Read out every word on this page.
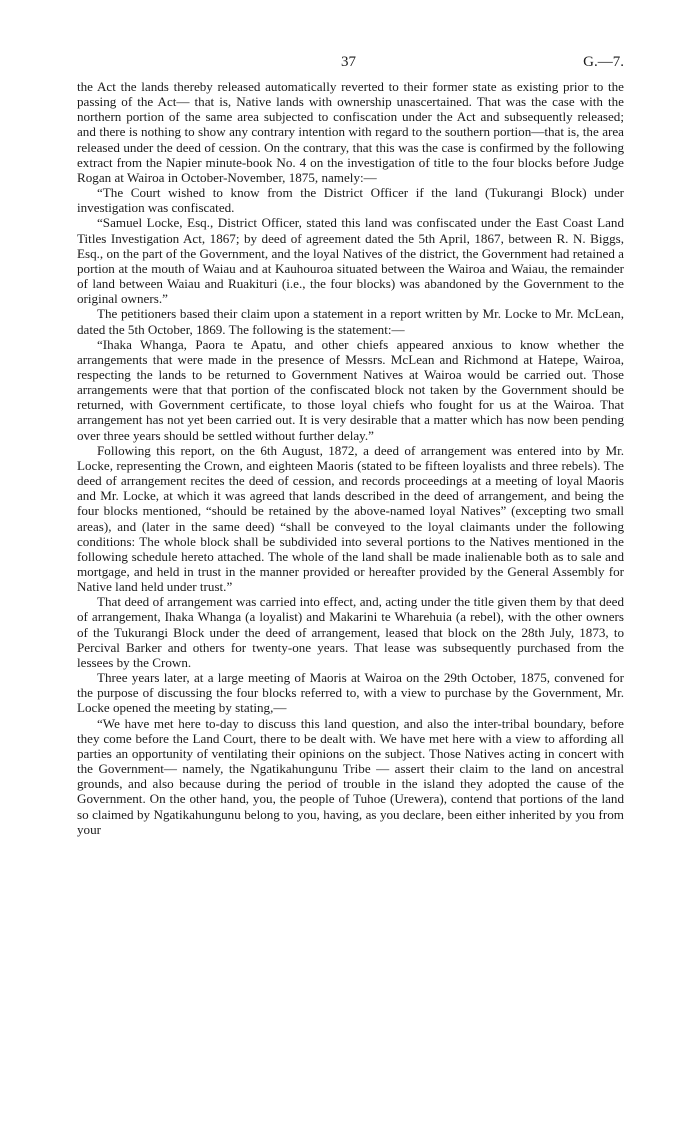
37	G.—7.

the Act the lands thereby released automatically reverted to their former state as existing prior to the passing of the Act— that is, Native lands with ownership unascertained. That was the case with the northern portion of the same area subjected to confiscation under the Act and subsequently released; and there is nothing to show any contrary intention with regard to the southern portion—that is, the area released under the deed of cession. On the contrary, that this was the case is confirmed by the following extract from the Napier minute-book No. 4 on the investigation of title to the four blocks before Judge Rogan at Wairoa in October-November, 1875, namely:—

“The Court wished to know from the District Officer if the land (Tukurangi Block) under investigation was confiscated.

“Samuel Locke, Esq., District Officer, stated this land was confiscated under the East Coast Land Titles Investigation Act, 1867; by deed of agreement dated the 5th April, 1867, between R. N. Biggs, Esq., on the part of the Government, and the loyal Natives of the district, the Government had retained a portion at the mouth of Waiau and at Kauhouroa situated between the Wairoa and Waiau, the remainder of land between Waiau and Ruakituri (i.e., the four blocks) was abandoned by the Government to the original owners.”

The petitioners based their claim upon a statement in a report written by Mr. Locke to Mr. McLean, dated the 5th October, 1869. The following is the statement:—

“Ihaka Whanga, Paora te Apatu, and other chiefs appeared anxious to know whether the arrangements that were made in the presence of Messrs. McLean and Richmond at Hatepe, Wairoa, respecting the lands to be returned to Government Natives at Wairoa would be carried out. Those arrangements were that that portion of the confiscated block not taken by the Government should be returned, with Government certificate, to those loyal chiefs who fought for us at the Wairoa. That arrangement has not yet been carried out. It is very desirable that a matter which has now been pending over three years should be settled without further delay.”

Following this report, on the 6th August, 1872, a deed of arrangement was entered into by Mr. Locke, representing the Crown, and eighteen Maoris (stated to be fifteen loyalists and three rebels). The deed of arrangement recites the deed of cession, and records proceedings at a meeting of loyal Maoris and Mr. Locke, at which it was agreed that lands described in the deed of arrangement, and being the four blocks mentioned, “should be retained by the above-named loyal Natives” (excepting two small areas), and (later in the same deed) “shall be conveyed to the loyal claimants under the following conditions: The whole block shall be subdivided into several portions to the Natives mentioned in the following schedule hereto attached. The whole of the land shall be made inalienable both as to sale and mortgage, and held in trust in the manner provided or hereafter provided by the General Assembly for Native land held under trust.”

That deed of arrangement was carried into effect, and, acting under the title given them by that deed of arrangement, Ihaka Whanga (a loyalist) and Makarini te Wharehuia (a rebel), with the other owners of the Tukurangi Block under the deed of arrangement, leased that block on the 28th July, 1873, to Percival Barker and others for twenty-one years. That lease was subsequently purchased from the lessees by the Crown.

Three years later, at a large meeting of Maoris at Wairoa on the 29th October, 1875, convened for the purpose of discussing the four blocks referred to, with a view to purchase by the Government, Mr. Locke opened the meeting by stating,—

“We have met here to-day to discuss this land question, and also the inter-tribal boundary, before they come before the Land Court, there to be dealt with. We have met here with a view to affording all parties an opportunity of ventilating their opinions on the subject. Those Natives acting in concert with the Government— namely, the Ngatikahungunu Tribe — assert their claim to the land on ancestral grounds, and also because during the period of trouble in the island they adopted the cause of the Government. On the other hand, you, the people of Tuhoe (Urewera), contend that portions of the land so claimed by Ngatikahungunu belong to you, having, as you declare, been either inherited by you from your
